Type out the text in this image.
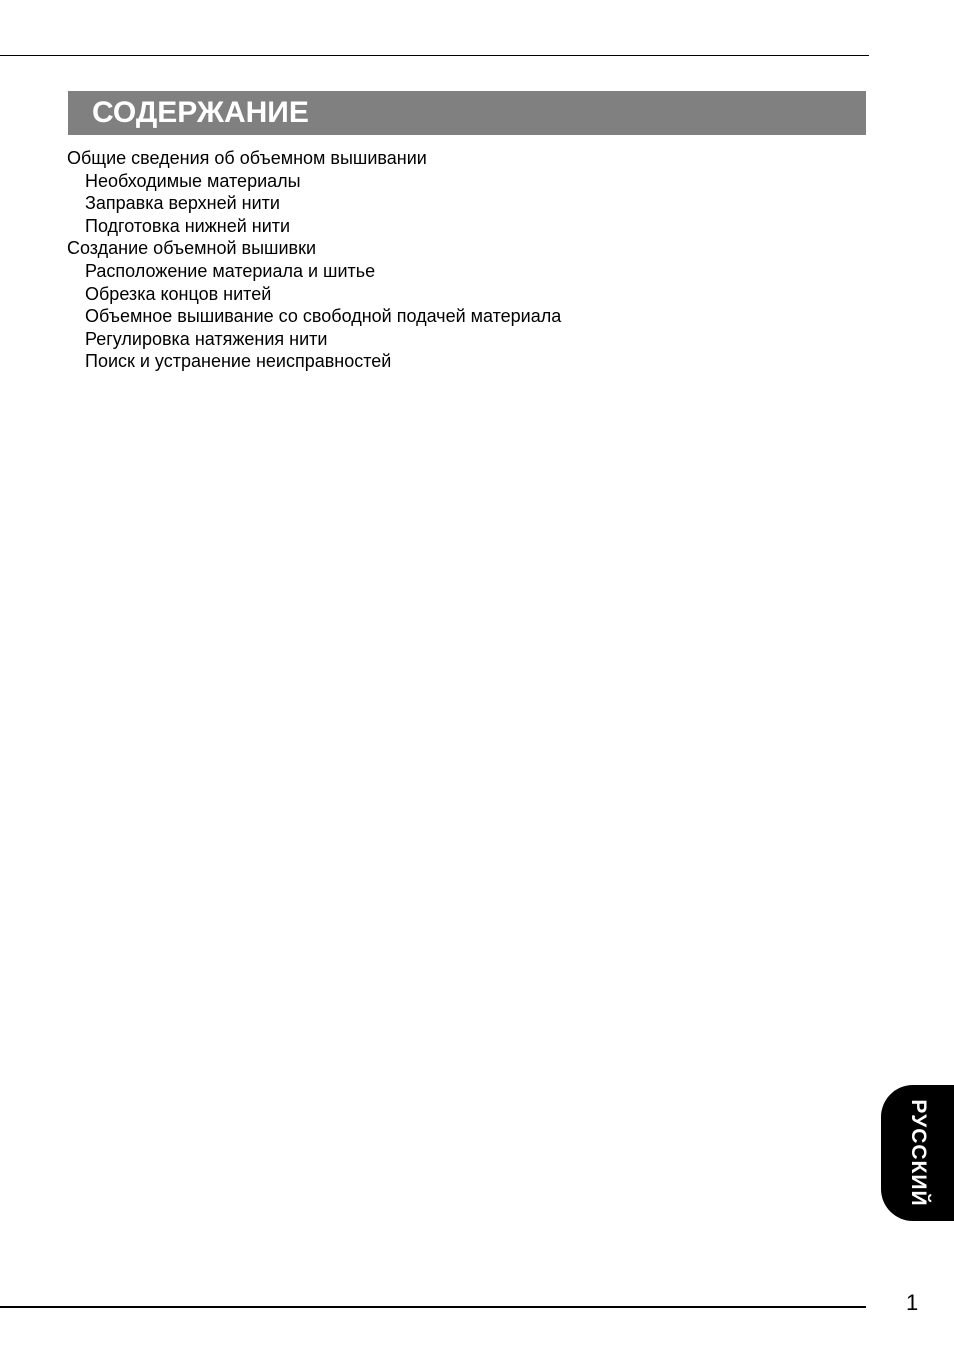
СОДЕРЖАНИЕ
Общие сведения об объемном вышивании
Необходимые материалы
Заправка верхней нити
Подготовка нижней нити
Создание объемной вышивки
Расположение материала и шитье
Обрезка концов нитей
Объемное вышивание со свободной подачей материала
Регулировка натяжения нити
Поиск и устранение неисправностей
РУССКИЙ
1
